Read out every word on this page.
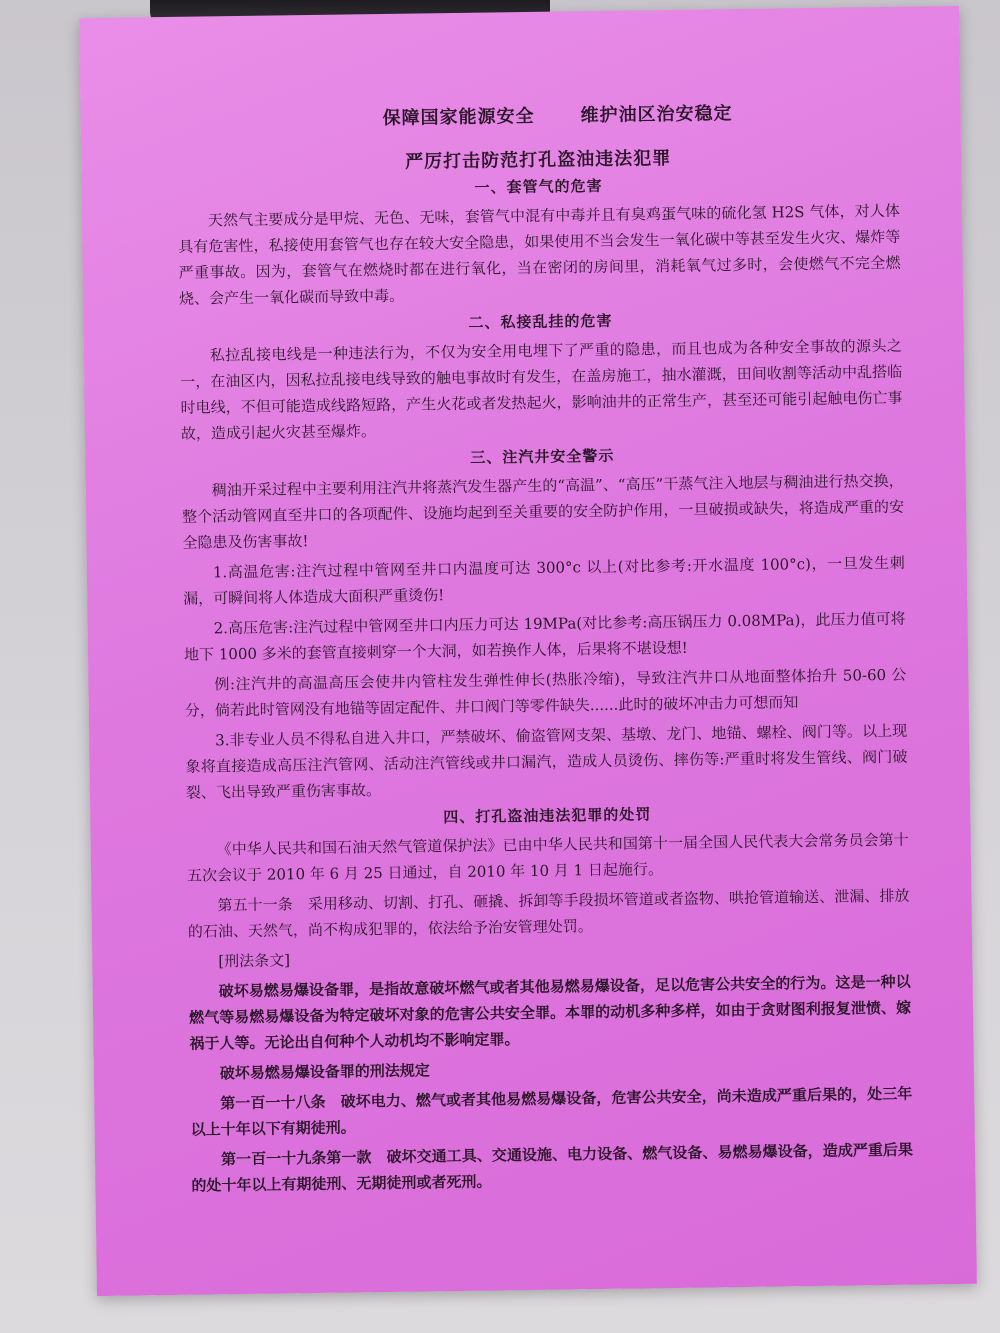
保障国家能源安全	维护油区治安稳定
严厉打击防范打孔盗油违法犯罪
一、套管气的危害

天然气主要成分是甲烷、无色、无味，套管气中混有中毒并且有臭鸡蛋气味的硫化氢 H2S 气体，对人体具有危害性，私接使用套管气也存在较大安全隐患，如果使用不当会发生一氧化碳中等甚至发生火灾、爆炸等严重事故。因为，套管气在燃烧时都在进行氧化，当在密闭的房间里，消耗氧气过多时，会使燃气不完全燃烧、会产生一氧化碳而导致中毒。

二、私接乱挂的危害

私拉乱接电线是一种违法行为，不仅为安全用电埋下了严重的隐患，而且也成为各种安全事故的源头之一，在油区内，因私拉乱接电线导致的触电事故时有发生，在盖房施工，抽水灌溉，田间收割等活动中乱搭临时电线，不但可能造成线路短路，产生火花或者发热起火，影响油井的正常生产，甚至还可能引起触电伤亡事故，造成引起火灾甚至爆炸。

三、注汽井安全警示

稠油开采过程中主要利用注汽井将蒸汽发生器产生的“高温”、“高压”干蒸气注入地层与稠油进行热交换，整个活动管网直至井口的各项配件、设施均起到至关重要的安全防护作用，一旦破损或缺失，将造成严重的安全隐患及伤害事故!

1.高温危害:注汽过程中管网至井口内温度可达 300°c 以上(对比参考:开水温度 100°c)，一旦发生刺漏，可瞬间将人体造成大面积严重烫伤!

2.高压危害:注汽过程中管网至井口内压力可达 19MPa(对比参考:高压锅压力 0.08MPa)，此压力值可将地下 1000 多米的套管直接刺穿一个大洞，如若换作人体，后果将不堪设想!

例:注汽井的高温高压会使井内管柱发生弹性伸长(热胀冷缩)，导致注汽井口从地面整体抬升 50-60 公分，倘若此时管网没有地锚等固定配件、井口阀门等零件缺失......此时的破坏冲击力可想而知

3.非专业人员不得私自进入井口，严禁破坏、偷盗管网支架、基墩、龙门、地锚、螺栓、阀门等。以上现象将直接造成高压注汽管网、活动注汽管线或井口漏汽，造成人员烫伤、摔伤等:严重时将发生管线、阀门破裂、飞出导致严重伤害事故。

四、打孔盗油违法犯罪的处罚

《中华人民共和国石油天然气管道保护法》已由中华人民共和国第十一届全国人民代表大会常务员会第十五次会议于 2010 年 6 月 25 日通过，自 2010 年 10 月 1 日起施行。

第五十一条　采用移动、切割、打孔、砸撬、拆卸等手段损坏管道或者盗物、哄抢管道输送、泄漏、排放的石油、天然气，尚不构成犯罪的，依法给予治安管理处罚。

[刑法条文]

破坏易燃易爆设备罪，是指故意破坏燃气或者其他易燃易爆设备，足以危害公共安全的行为。这是一种以燃气等易燃易爆设备为特定破坏对象的危害公共安全罪。本罪的动机多种多样，如由于贪财图利报复泄愤、嫁祸于人等。无论出自何种个人动机均不影响定罪。

破坏易燃易爆设备罪的刑法规定

第一百一十八条　破坏电力、燃气或者其他易燃易爆设备，危害公共安全，尚未造成严重后果的，处三年以上十年以下有期徒刑。

第一百一十九条第一款　破坏交通工具、交通设施、电力设备、燃气设备、易燃易爆设备，造成严重后果的处十年以上有期徒刑、无期徒刑或者死刑。
